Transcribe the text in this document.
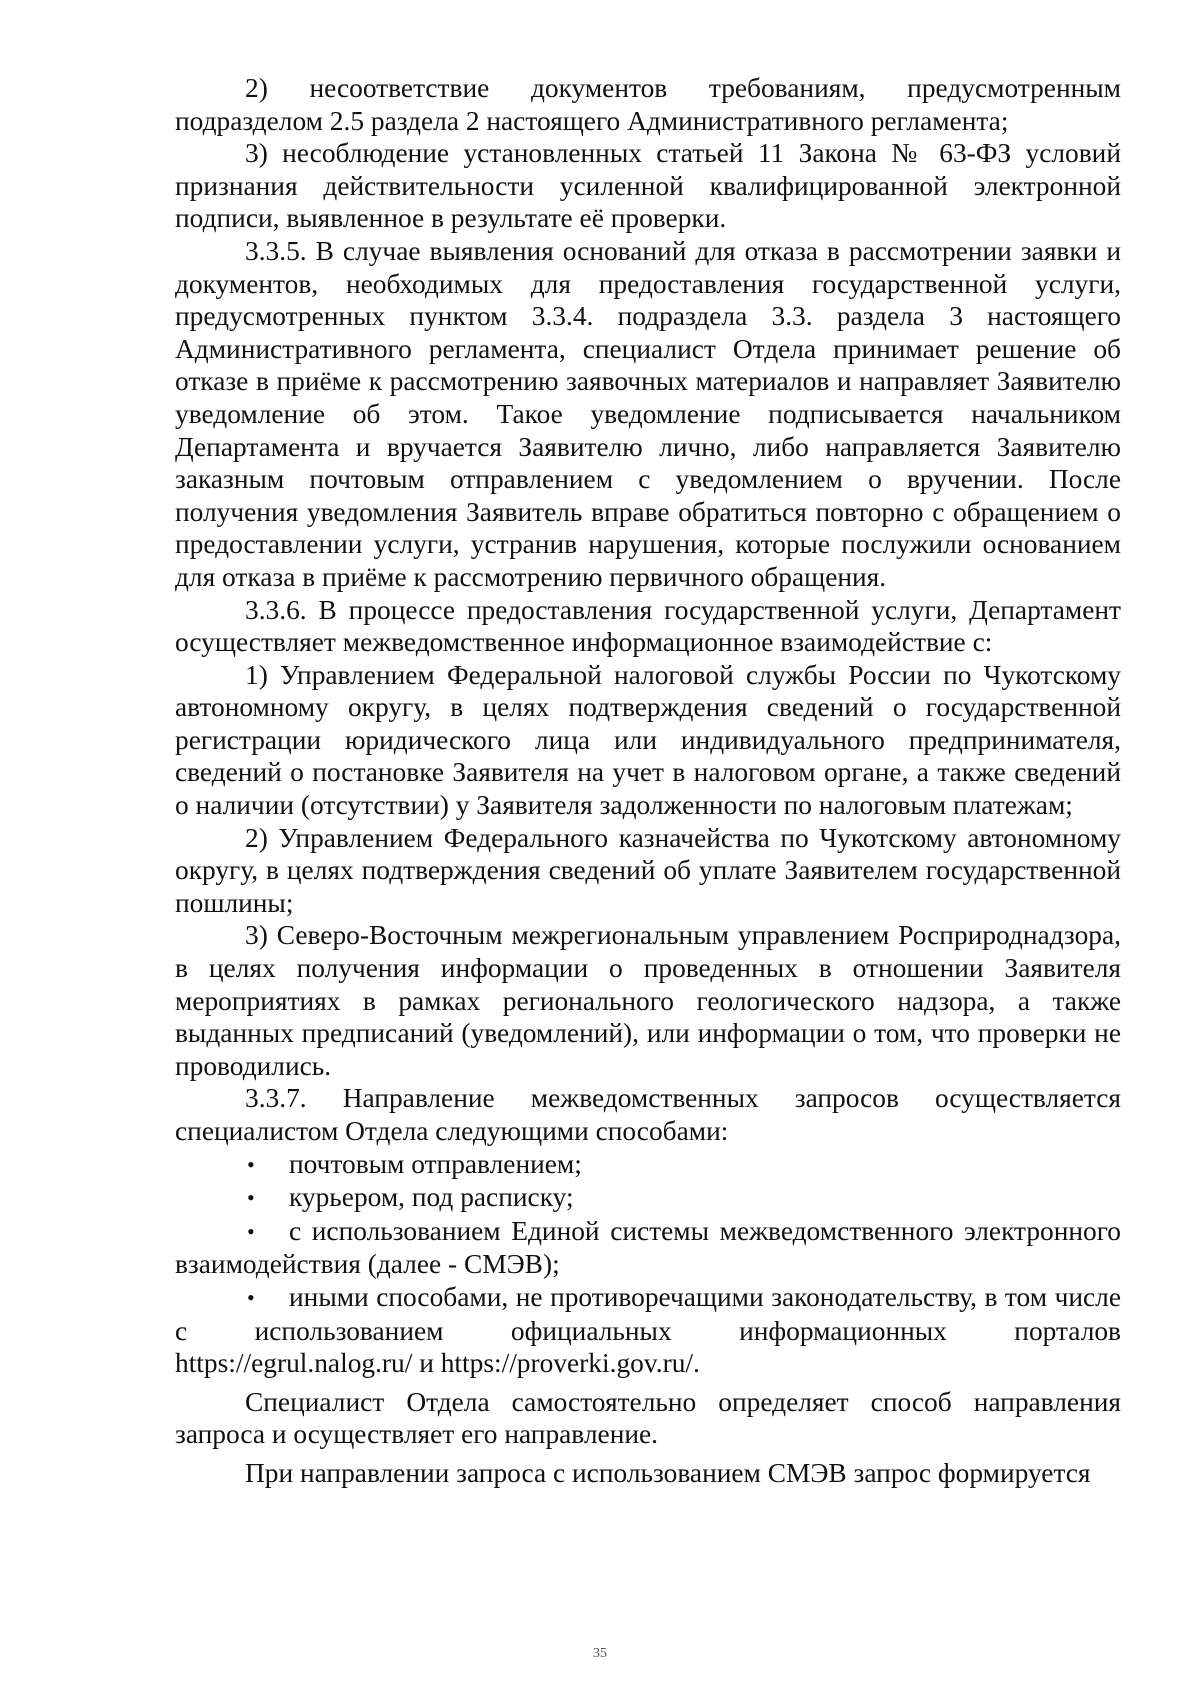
2) несоответствие документов требованиям, предусмотренным подразделом 2.5 раздела 2 настоящего Административного регламента;

3) несоблюдение установленных статьей 11 Закона № 63-ФЗ условий признания действительности усиленной квалифицированной электронной подписи, выявленное в результате её проверки.

3.3.5. В случае выявления оснований для отказа в рассмотрении заявки и документов, необходимых для предоставления государственной услуги, предусмотренных пунктом 3.3.4. подраздела 3.3. раздела 3 настоящего Административного регламента, специалист Отдела принимает решение об отказе в приёме к рассмотрению заявочных материалов и направляет Заявителю уведомление об этом. Такое уведомление подписывается начальником Департамента и вручается Заявителю лично, либо направляется Заявителю заказным почтовым отправлением с уведомлением о вручении. После получения уведомления Заявитель вправе обратиться повторно с обращением о предоставлении услуги, устранив нарушения, которые послужили основанием для отказа в приёме к рассмотрению первичного обращения.

3.3.6. В процессе предоставления государственной услуги, Департамент осуществляет межведомственное информационное взаимодействие с:

1) Управлением Федеральной налоговой службы России по Чукотскому автономному округу, в целях подтверждения сведений о государственной регистрации юридического лица или индивидуального предпринимателя, сведений о постановке Заявителя на учет в налоговом органе, а также сведений о наличии (отсутствии) у Заявителя задолженности по налоговым платежам;

2) Управлением Федерального казначейства по Чукотскому автономному округу, в целях подтверждения сведений об уплате Заявителем государственной пошлины;

3) Северо-Восточным межрегиональным управлением Росприроднадзора, в целях получения информации о проведенных в отношении Заявителя мероприятиях в рамках регионального геологического надзора, а также выданных предписаний (уведомлений), или информации о том, что проверки не проводились.

3.3.7. Направление межведомственных запросов осуществляется специалистом Отдела следующими способами:

•почтовым отправлением;

•курьером, под расписку;

•с использованием Единой системы межведомственного электронного взаимодействия (далее - СМЭВ);

•иными способами, не противоречащими законодательству, в том числе с использованием официальных информационных порталов https://egrul.nalog.ru/ и https://proverki.gov.ru/.

Специалист Отдела самостоятельно определяет способ направления запроса и осуществляет его направление.

При направлении запроса с использованием СМЭВ запрос формируется

35
